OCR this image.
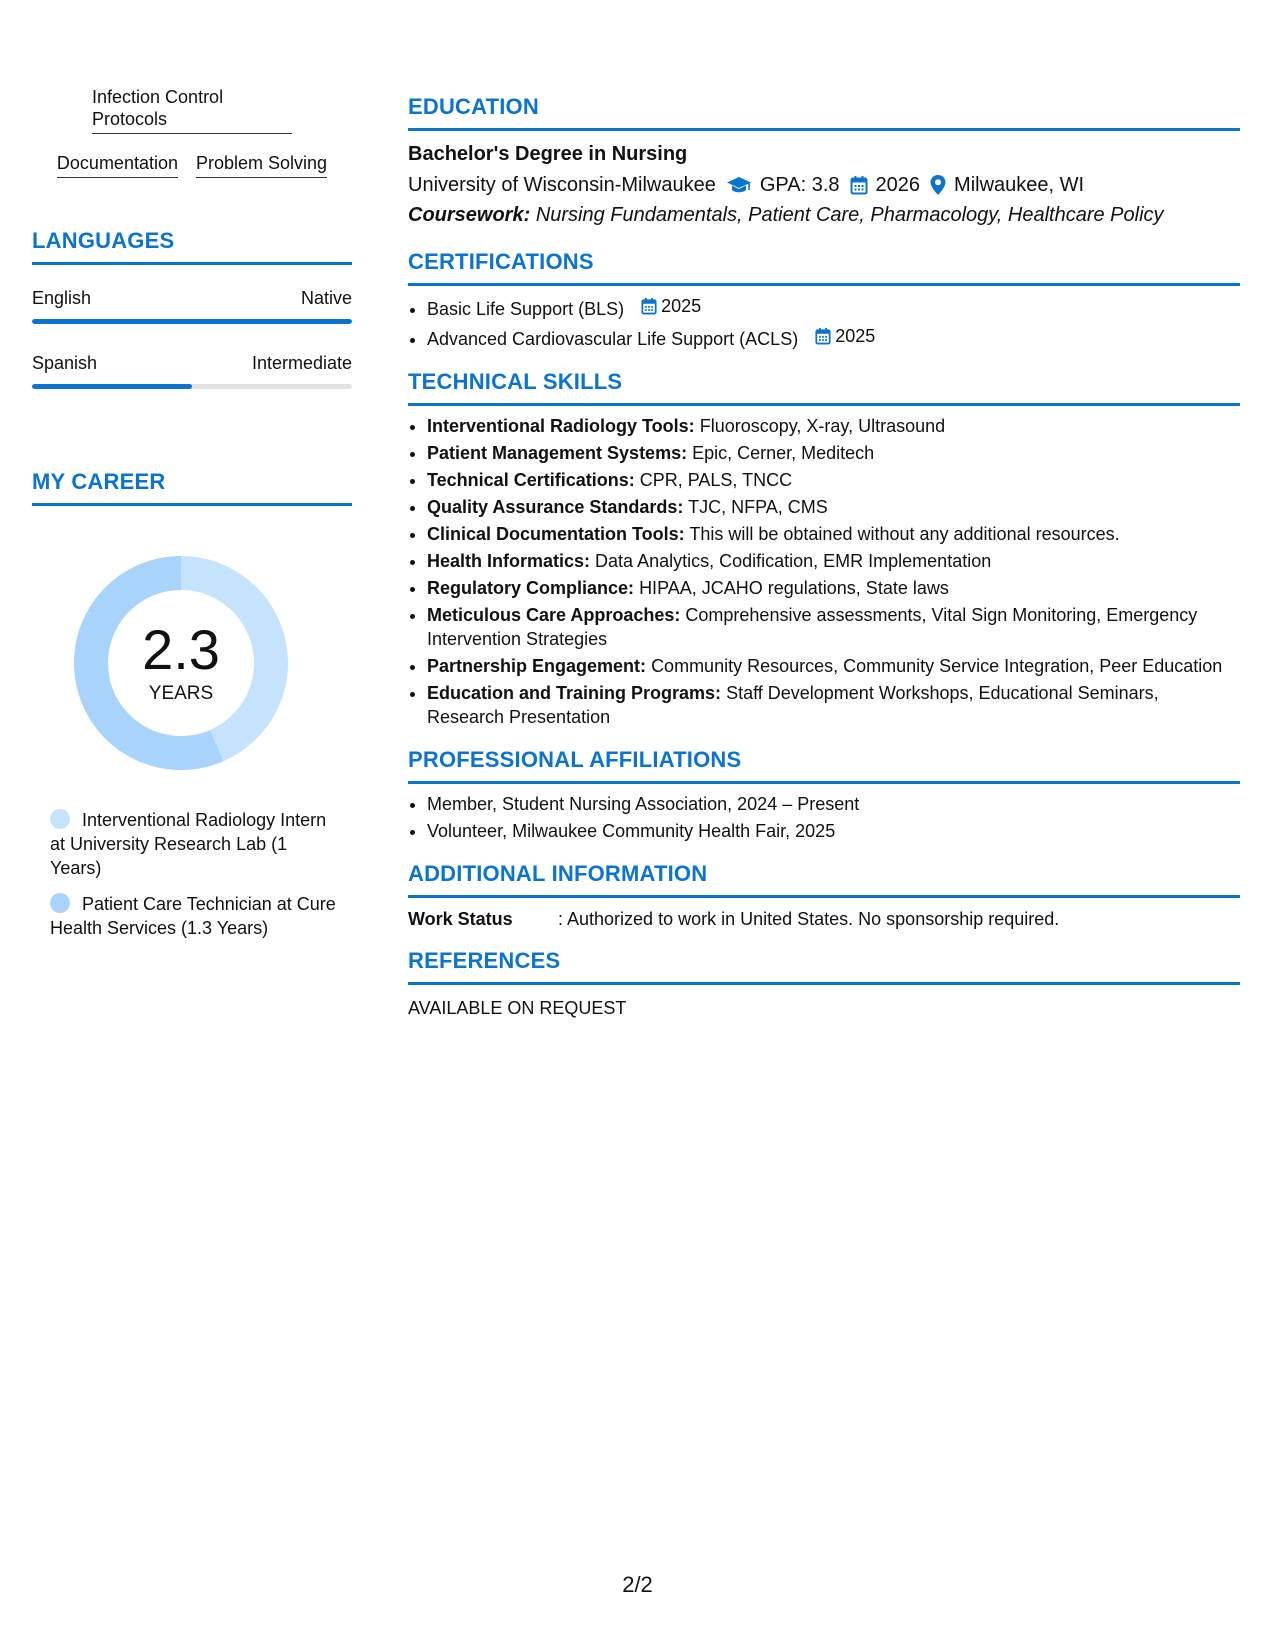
Infection Control Protocols
Documentation Problem Solving
LANGUAGES
English	Native
Spanish	Intermediate
MY CAREER
2.3
YEARS
Interventional Radiology Intern at University Research Lab (1 Years)
Patient Care Technician at Cure Health Services (1.3 Years)
EDUCATION
Bachelor's Degree in Nursing
University of Wisconsin-Milwaukee GPA: 3.8 2026 Milwaukee, WI
Coursework: Nursing Fundamentals, Patient Care, Pharmacology, Healthcare Policy
CERTIFICATIONS
• Basic Life Support (BLS) 2025
• Advanced Cardiovascular Life Support (ACLS) 2025
TECHNICAL SKILLS
• Interventional Radiology Tools: Fluoroscopy, X-ray, Ultrasound
• Patient Management Systems: Epic, Cerner, Meditech
• Technical Certifications: CPR, PALS, TNCC
• Quality Assurance Standards: TJC, NFPA, CMS
• Clinical Documentation Tools: This will be obtained without any additional resources.
• Health Informatics: Data Analytics, Codification, EMR Implementation
• Regulatory Compliance: HIPAA, JCAHO regulations, State laws
• Meticulous Care Approaches: Comprehensive assessments, Vital Sign Monitoring, Emergency Intervention Strategies
• Partnership Engagement: Community Resources, Community Service Integration, Peer Education
• Education and Training Programs: Staff Development Workshops, Educational Seminars, Research Presentation
PROFESSIONAL AFFILIATIONS
• Member, Student Nursing Association, 2024 – Present
• Volunteer, Milwaukee Community Health Fair, 2025
ADDITIONAL INFORMATION
Work Status	: Authorized to work in United States. No sponsorship required.
REFERENCES
AVAILABLE ON REQUEST
2/2
